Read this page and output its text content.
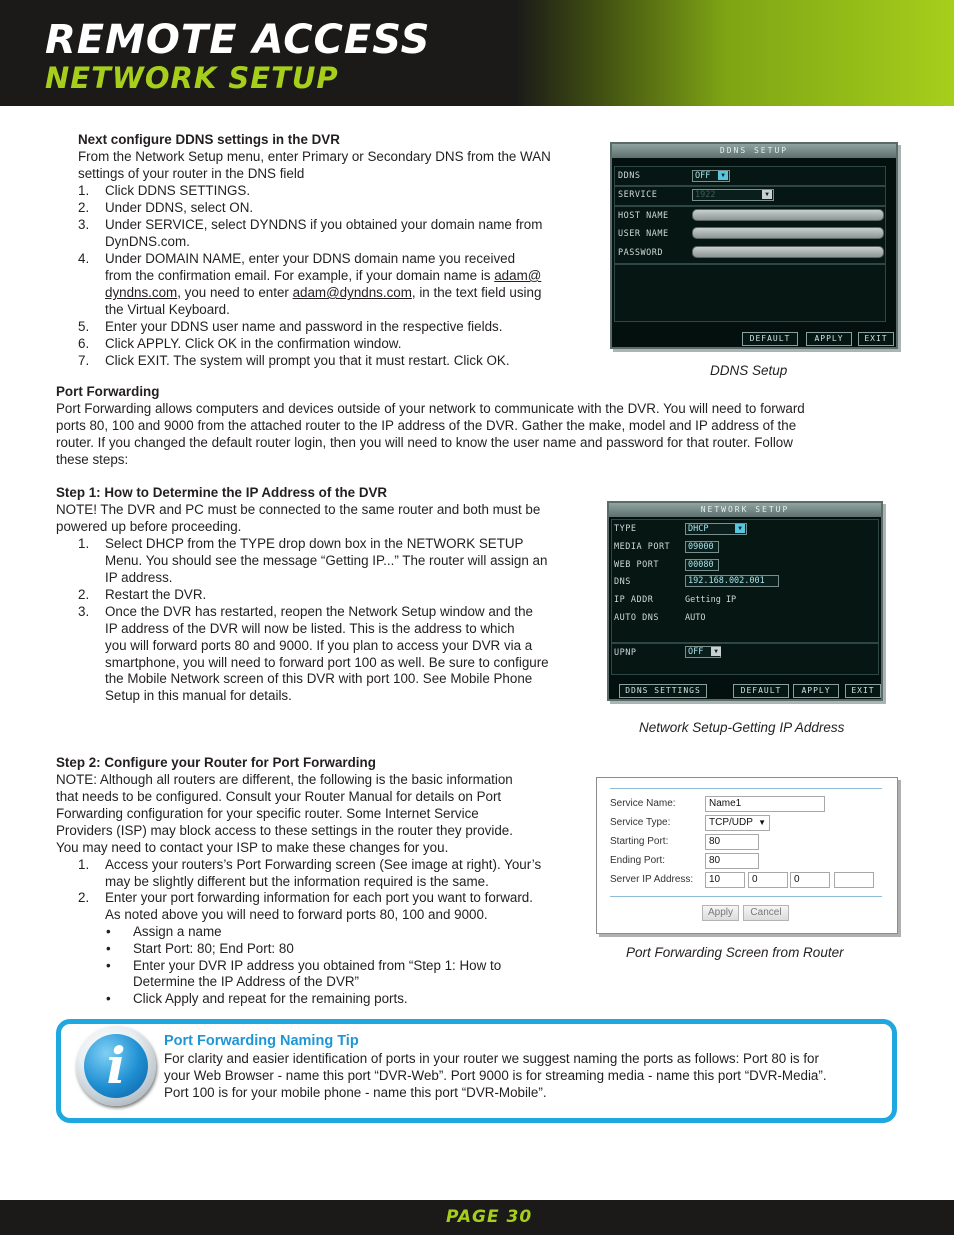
REMOTE ACCESS
NETWORK SETUP
Next configure DDNS settings in the DVR
From the Network Setup menu, enter Primary or Secondary DNS from the WAN
settings of your router in the DNS field
1. Click DDNS SETTINGS.
2. Under DDNS, select ON.
3. Under SERVICE, select DYNDNS if you obtained your domain name from
DynDNS.com.
4. Under DOMAIN NAME, enter your DDNS domain name you received
from the confirmation email. For example, if your domain name is adam@
dyndns.com, you need to enter adam@dyndns.com, in the text field using
the Virtual Keyboard.
5. Enter your DDNS user name and password in the respective fields.
6. Click APPLY. Click OK in the confirmation window.
7. Click EXIT. The system will prompt you that it must restart. Click OK.
DDNS SETUP
DDNS	OFF	▼
SERVICE	1922	▼
HOST NAME
USER NAME
PASSWORD
DEFAULT	APPLY	EXIT
DDNS Setup
Port Forwarding
Port Forwarding allows computers and devices outside of your network to communicate with the DVR. You will need to forward
ports 80, 100 and 9000 from the attached router to the IP address of the DVR. Gather the make, model and IP address of the
router. If you changed the default router login, then you will need to know the user name and password for that router. Follow
these steps:
Step 1: How to Determine the IP Address of the DVR
NOTE! The DVR and PC must be connected to the same router and both must be
powered up before proceeding.
1. Select DHCP from the TYPE drop down box in the NETWORK SETUP
Menu. You should see the message “Getting IP...” The router will assign an
IP address.
2. Restart the DVR.
3. Once the DVR has restarted, reopen the Network Setup window and the
IP address of the DVR will now be listed. This is the address to which
you will forward ports 80 and 9000. If you plan to access your DVR via a
smartphone, you will need to forward port 100 as well. Be sure to configure
the Mobile Network screen of this DVR with port 100. See Mobile Phone
Setup in this manual for details.
NETWORK SETUP
TYPE	DHCP	▼
MEDIA PORT	09000
WEB PORT	00080
DNS	192.168.002.001
IP ADDR	Getting IP
AUTO DNS	AUTO
UPNP	OFF	▼
DDNS SETTINGS	DEFAULT	APPLY	EXIT
Network Setup-Getting IP Address
Step 2: Configure your Router for Port Forwarding
NOTE: Although all routers are different, the following is the basic information
that needs to be configured. Consult your Router Manual for details on Port
Forwarding configuration for your specific router. Some Internet Service
Providers (ISP) may block access to these settings in the router they provide.
You may need to contact your ISP to make these changes for you.
1. Access your routers’s Port Forwarding screen (See image at right). Your’s
may be slightly different but the information required is the same.
2. Enter your port forwarding information for each port you want to forward.
As noted above you will need to forward ports 80, 100 and 9000.
• Assign a name
• Start Port: 80; End Port: 80
• Enter your DVR IP address you obtained from “Step 1: How to
Determine the IP Address of the DVR”
• Click Apply and repeat for the remaining ports.
Service Name:	Name1
Service Type:	TCP/UDP ▼
Starting Port:	80
Ending Port:	80
Server IP Address:	10	0	0
Apply	Cancel
Port Forwarding Screen from Router
i	Port Forwarding Naming Tip
For clarity and easier identification of ports in your router we suggest naming the ports as follows: Port 80 is for
your Web Browser - name this port “DVR-Web”. Port 9000 is for streaming media - name this port “DVR-Media”.
Port 100 is for your mobile phone - name this port “DVR-Mobile”.
PAGE 30
